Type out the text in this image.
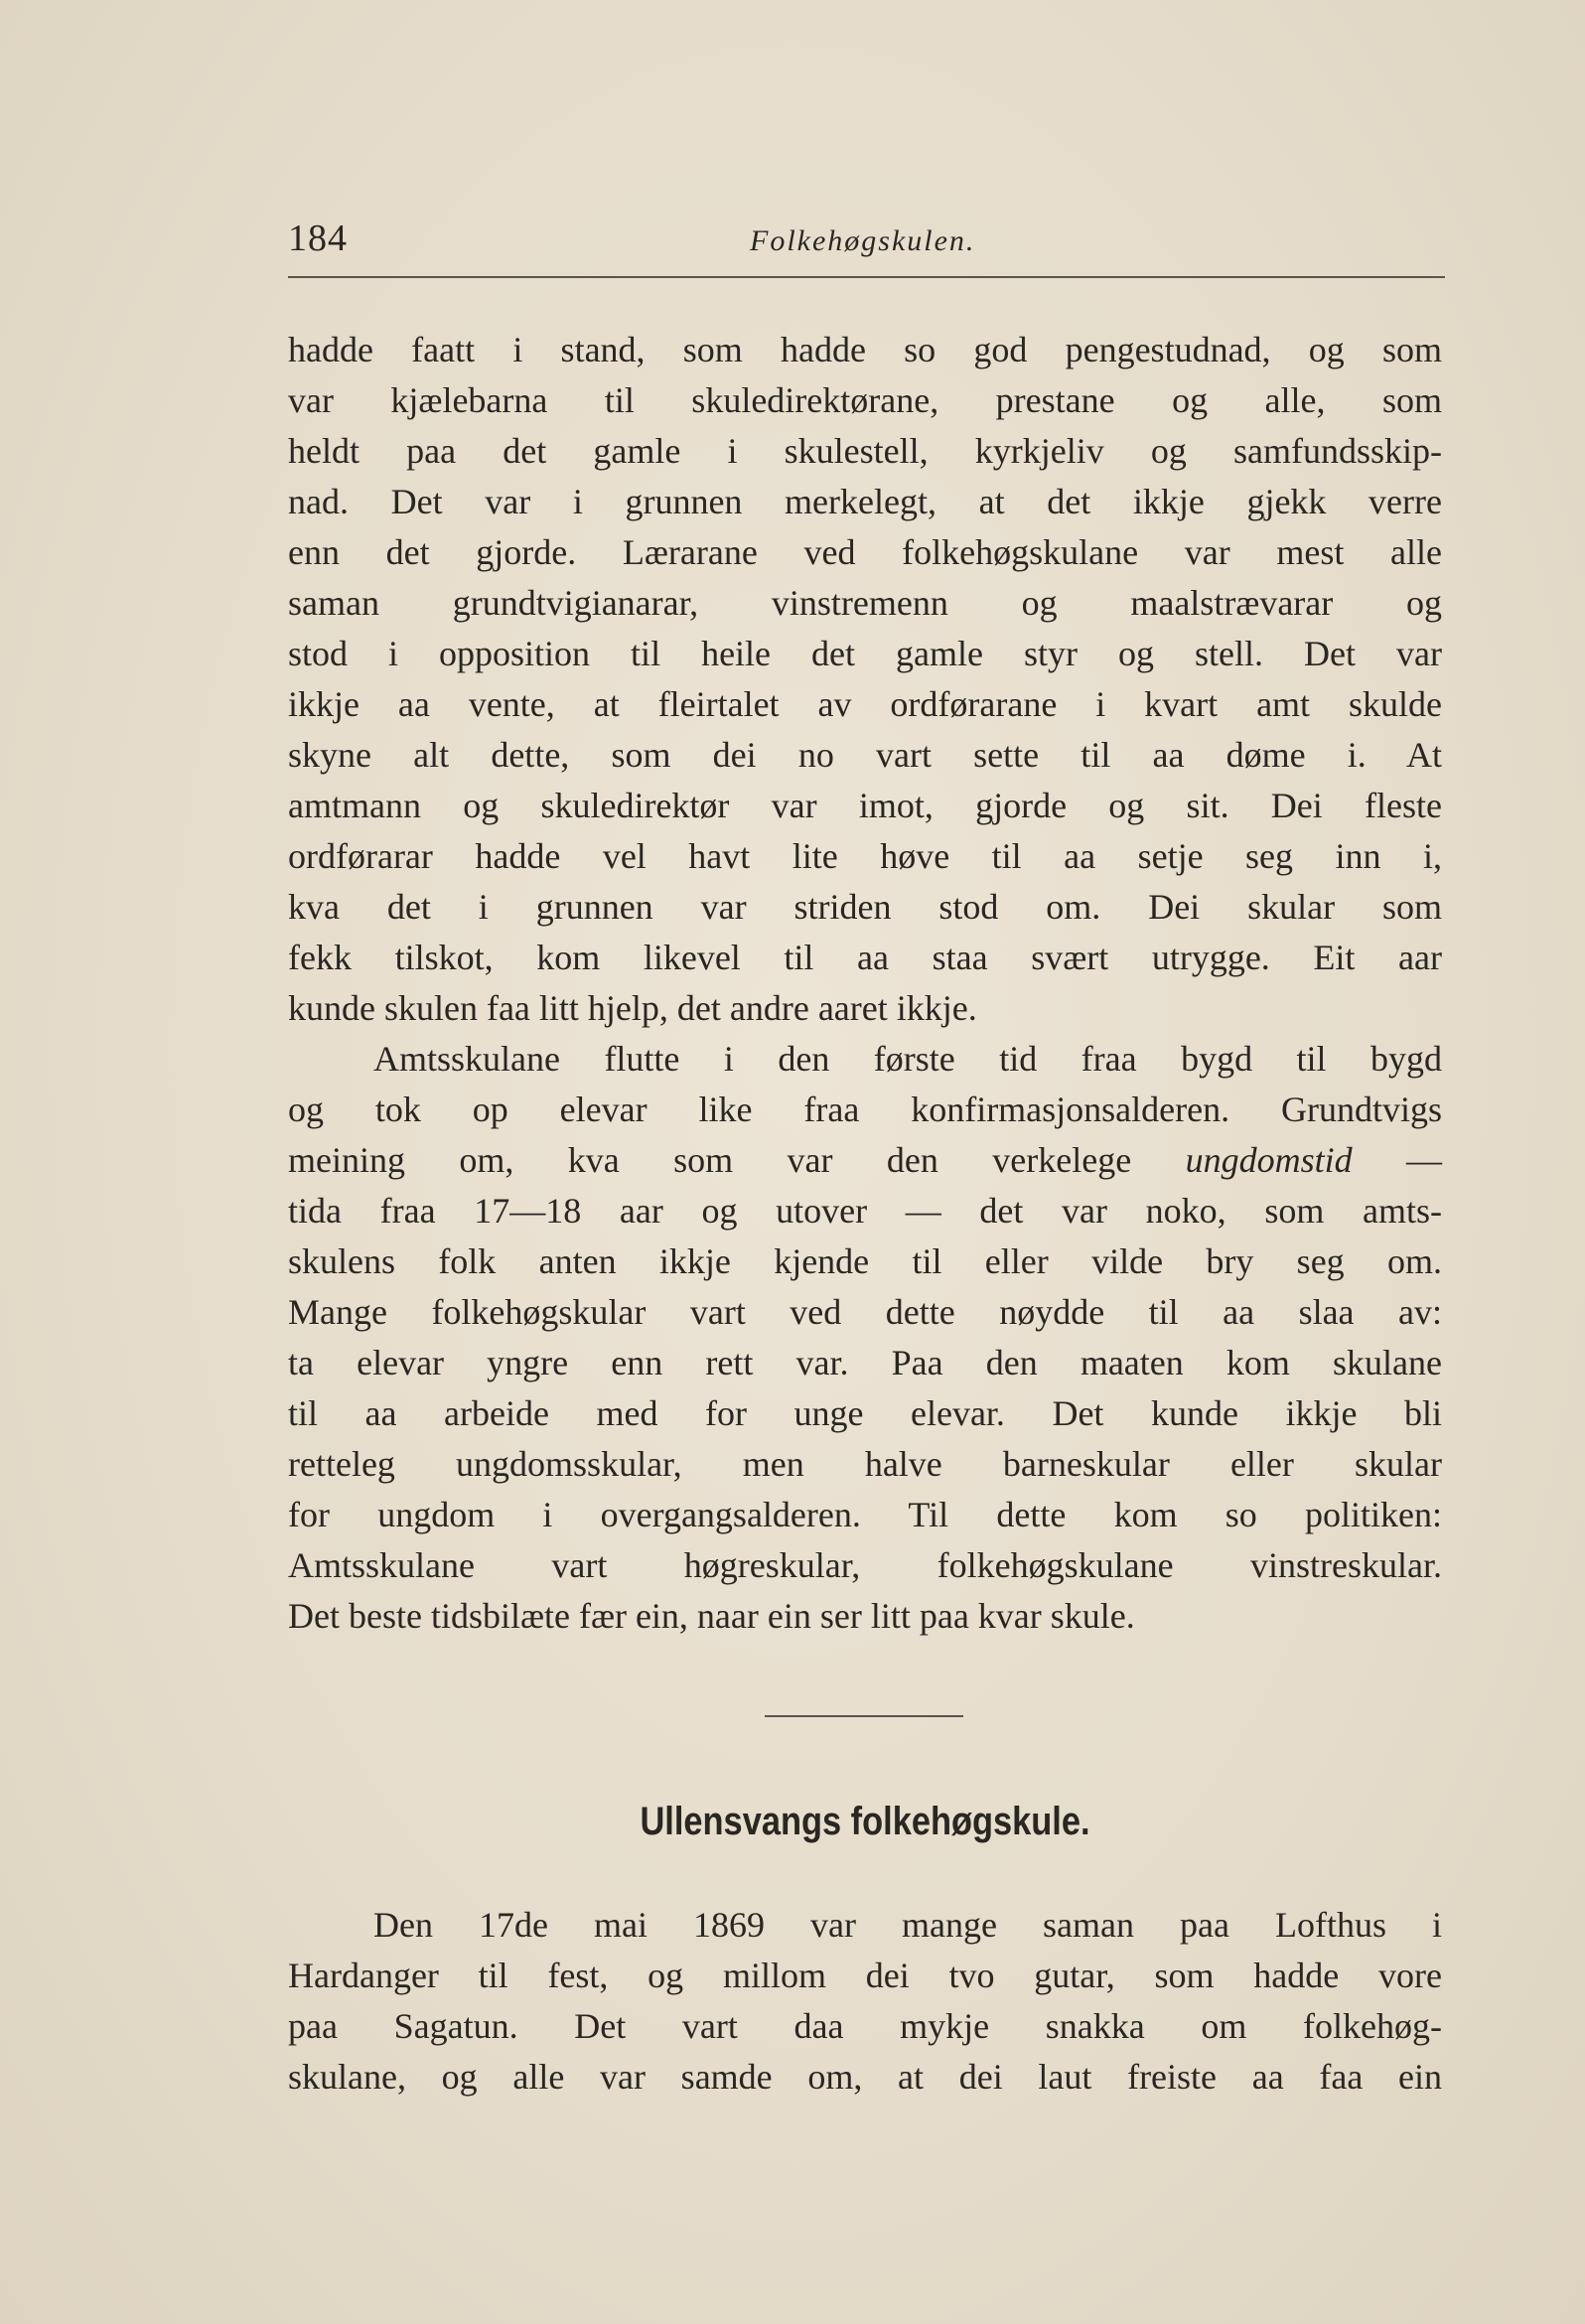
184	Folkehøgskulen.
hadde faatt i stand, som hadde so god pengestudnad, og som
var kjælebarna til skuledirektørane, prestane og alle, som
heldt paa det gamle i skulestell, kyrkjeliv og samfundsskip-
nad. Det var i grunnen merkelegt, at det ikkje gjekk verre
enn det gjorde. Lærarane ved folkehøgskulane var mest alle
saman grundtvigianarar, vinstremenn og maalstrævarar og
stod i opposition til heile det gamle styr og stell. Det var
ikkje aa vente, at fleirtalet av ordførarane i kvart amt skulde
skyne alt dette, som dei no vart sette til aa døme i. At
amtmann og skuledirektør var imot, gjorde og sit. Dei fleste
ordførarar hadde vel havt lite høve til aa setje seg inn i,
kva det i grunnen var striden stod om. Dei skular som
fekk tilskot, kom likevel til aa staa svært utrygge. Eit aar
kunde skulen faa litt hjelp, det andre aaret ikkje.
Amtsskulane flutte i den første tid fraa bygd til bygd
og tok op elevar like fraa konfirmasjonsalderen. Grundtvigs
meining om, kva som var den verkelege ungdomstid —
tida fraa 17—18 aar og utover — det var noko, som amts-
skulens folk anten ikkje kjende til eller vilde bry seg om.
Mange folkehøgskular vart ved dette nøydde til aa slaa av:
ta elevar yngre enn rett var. Paa den maaten kom skulane
til aa arbeide med for unge elevar. Det kunde ikkje bli
retteleg ungdomsskular, men halve barneskular eller skular
for ungdom i overgangsalderen. Til dette kom so politiken:
Amtsskulane vart høgreskular, folkehøgskulane vinstreskular.
Det beste tidsbilæte fær ein, naar ein ser litt paa kvar skule.
Ullensvangs folkehøgskule.
Den 17de mai 1869 var mange saman paa Lofthus i
Hardanger til fest, og millom dei tvo gutar, som hadde vore
paa Sagatun. Det vart daa mykje snakka om folkehøg-
skulane, og alle var samde om, at dei laut freiste aa faa ein
